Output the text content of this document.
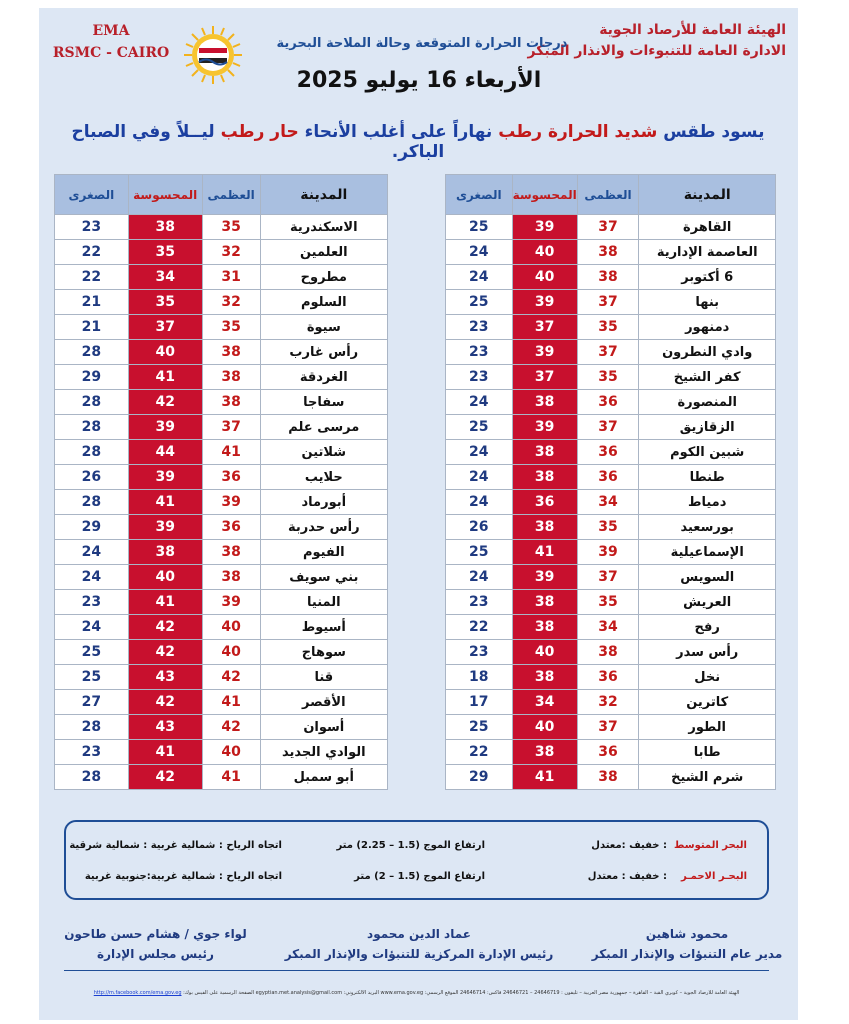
الهيئة العامة للأرصاد الجوية
الادارة العامة للتنبوءات والانذار المبكر
EMA
RSMC - CAIRO
درجات الحرارة المتوقعة وحالة الملاحة البحرية
الأربعاء 16 يوليو 2025
يسود طقس شديد الحرارة رطب نهاراً على أغلب الأنحاء حار رطب ليــلاً وفي الصباح الباكر.
المدينة	العظمى	المحسوسة	الصغرى
القاهرة	37	39	25
العاصمة الإدارية	38	40	24
6 أكتوبر	38	40	24
بنها	37	39	25
دمنهور	35	37	23
وادي النطرون	37	39	23
كفر الشيخ	35	37	23
المنصورة	36	38	24
الزقازيق	37	39	25
شبين الكوم	36	38	24
طنطا	36	38	24
دمياط	34	36	24
بورسعيد	35	38	26
الإسماعيلية	39	41	25
السويس	37	39	24
العريش	35	38	23
رفح	34	38	22
رأس سدر	38	40	23
نخل	36	38	18
كاترين	32	34	17
الطور	37	40	25
طابا	36	38	22
شرم الشيخ	38	41	29
المدينة	العظمى	المحسوسة	الصغرى
الاسكندرية	35	38	23
العلمين	32	35	22
مطروح	31	34	22
السلوم	32	35	21
سيوة	35	37	21
رأس غارب	38	40	28
الغردقة	38	41	29
سفاجا	38	42	28
مرسى علم	37	39	28
شلاتين	41	44	28
حلايب	36	39	26
أبورماد	39	41	28
رأس حدربة	36	39	29
الفيوم	38	38	24
بني سويف	38	40	24
المنيا	39	41	23
أسيوط	40	42	24
سوهاج	40	42	25
قنا	42	43	25
الأقصر	41	42	27
أسوان	42	43	28
الوادي الجديد	40	41	23
أبو سمبل	41	42	28
البحر المتوسط
: خفيف :معتدل
ارتفاع الموج (1.5 – 2.25) متر
اتجاه الرياح : شمالية غربية : شمالية شرقية
البحـر الاحمـر
: خفيف : معتدل
ارتفاع الموج (1.5 – 2) متر
اتجاه الرياح : شمالية غربية:جنوبية غربية
محمود شاهين
مدير عام التنبؤات والإنذار المبكر
عماد الدين محمود
رئيس الإدارة المركزية للتنبؤات والإنذار المبكر
لواء جوي / هشام حسن طاحون
رئيس مجلس الإدارة
الهيئة العامة للأرصاد الجوية – كوبري القبة – القاهرة – جمهورية مصر العربية – تليفون : 24646719 – 24646721 فاكس: 24646714 الموقع الرسمي: www.ema.gov.eg البريد الالكتروني: egyptian.met.analysis@gmail.com الصفحة الرسمية على الفيس بوك: http://m.facebook.com/ema.gov.eg
